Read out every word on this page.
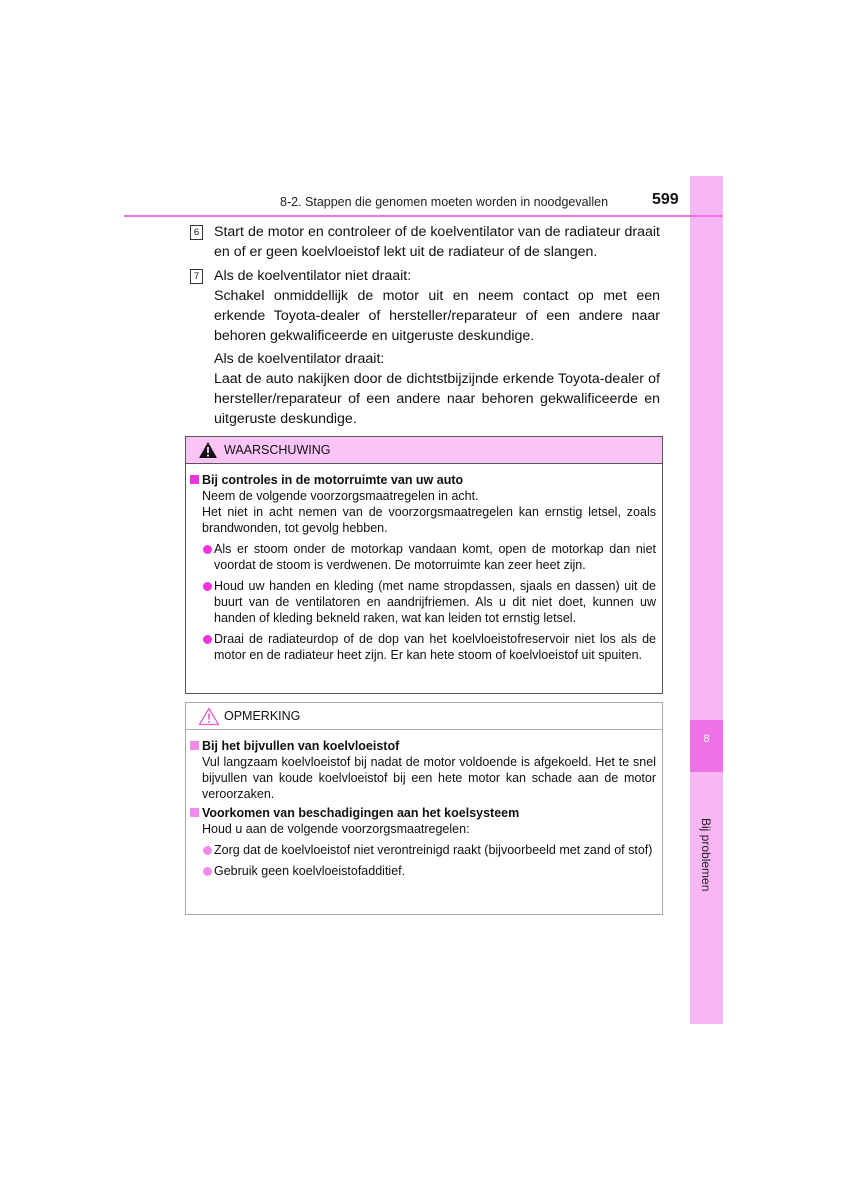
8
Bij problemen
8-2. Stappen die genomen moeten worden in noodgevallen	599
6 Start de motor en controleer of de koelventilator van de radiateur draait en of er geen koelvloeistof lekt uit de radiateur of de slangen.

7 Als de koelventilator niet draait:

Schakel onmiddellijk de motor uit en neem contact op met een erkende Toyota-dealer of hersteller/reparateur of een andere naar behoren gekwalificeerde en uitgeruste deskundige.

Als de koelventilator draait:

Laat de auto nakijken door de dichtstbijzijnde erkende Toyota-dealer of hersteller/reparateur of een andere naar behoren gekwalificeerde en uitgeruste deskundige.

WAARSCHUWING
Bij controles in de motorruimte van uw auto
Neem de volgende voorzorgsmaatregelen in acht.
Het niet in acht nemen van de voorzorgsmaatregelen kan ernstig letsel, zoals brandwonden, tot gevolg hebben.
Als er stoom onder de motorkap vandaan komt, open de motorkap dan niet voordat de stoom is verdwenen. De motorruimte kan zeer heet zijn.
Houd uw handen en kleding (met name stropdassen, sjaals en dassen) uit de buurt van de ventilatoren en aandrijfriemen. Als u dit niet doet, kunnen uw handen of kleding bekneld raken, wat kan leiden tot ernstig letsel.
Draai de radiateurdop of de dop van het koelvloeistofreservoir niet los als de motor en de radiateur heet zijn. Er kan hete stoom of koelvloeistof uit spuiten.
OPMERKING
Bij het bijvullen van koelvloeistof
Vul langzaam koelvloeistof bij nadat de motor voldoende is afgekoeld. Het te snel bijvullen van koude koelvloeistof bij een hete motor kan schade aan de motor veroorzaken.
Voorkomen van beschadigingen aan het koelsysteem
Houd u aan de volgende voorzorgsmaatregelen:
Zorg dat de koelvloeistof niet verontreinigd raakt (bijvoorbeeld met zand of stof)
Gebruik geen koelvloeistofadditief.
